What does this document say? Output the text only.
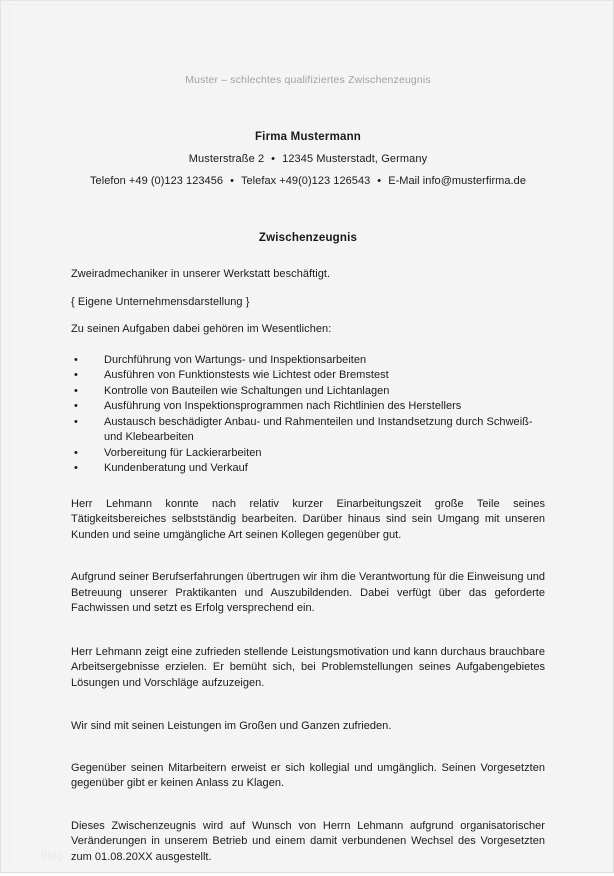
Muster – schlechtes qualifiziertes Zwischenzeugnis
Firma Mustermann
Musterstraße 2 • 12345 Musterstadt, Germany
Telefon +49 (0)123 123456 • Telefax +49(0)123 126543 • E-Mail info@musterfirma.de
Zwischenzeugnis
Zweiradmechaniker in unserer Werkstatt beschäftigt.
{ Eigene Unternehmensdarstellung }
Zu seinen Aufgaben dabei gehören im Wesentlichen:
• Durchführung von Wartungs- und Inspektionsarbeiten
• Ausführen von Funktionstests wie Lichtest oder Bremstest
• Kontrolle von Bauteilen wie Schaltungen und Lichtanlagen
• Ausführung von Inspektionsprogrammen nach Richtlinien des Herstellers
• Austausch beschädigter Anbau- und Rahmenteilen und Instandsetzung durch Schweiß- und Klebearbeiten
• Vorbereitung für Lackierarbeiten
• Kundenberatung und Verkauf

Herr Lehmann konnte nach relativ kurzer Einarbeitungszeit große Teile seines Tätigkeitsbereiches selbstständig bearbeiten. Darüber hinaus sind sein Umgang mit unseren Kunden und seine umgängliche Art seinen Kollegen gegenüber gut.

Aufgrund seiner Berufserfahrungen übertrugen wir ihm die Verantwortung für die Einweisung und Betreuung unserer Praktikanten und Auszubildenden. Dabei verfügt über das geforderte Fachwissen und setzt es Erfolg versprechend ein.

Herr Lehmann zeigt eine zufrieden stellende Leistungsmotivation und kann durchaus brauchbare Arbeitsergebnisse erzielen. Er bemüht sich, bei Problemstellungen seines Aufgabengebietes Lösungen und Vorschläge aufzuzeigen.

Wir sind mit seinen Leistungen im Großen und Ganzen zufrieden.

Gegenüber seinen Mitarbeitern erweist er sich kollegial und umgänglich. Seinen Vorgesetzten gegenüber gibt er keinen Anlass zu Klagen.

Dieses Zwischenzeugnis wird auf Wunsch von Herrn Lehmann aufgrund organisatorischer Veränderungen in unserem Betrieb und einem damit verbundenen Wechsel des Vorgesetzten zum 01.08.20XX ausgestellt.

blog
